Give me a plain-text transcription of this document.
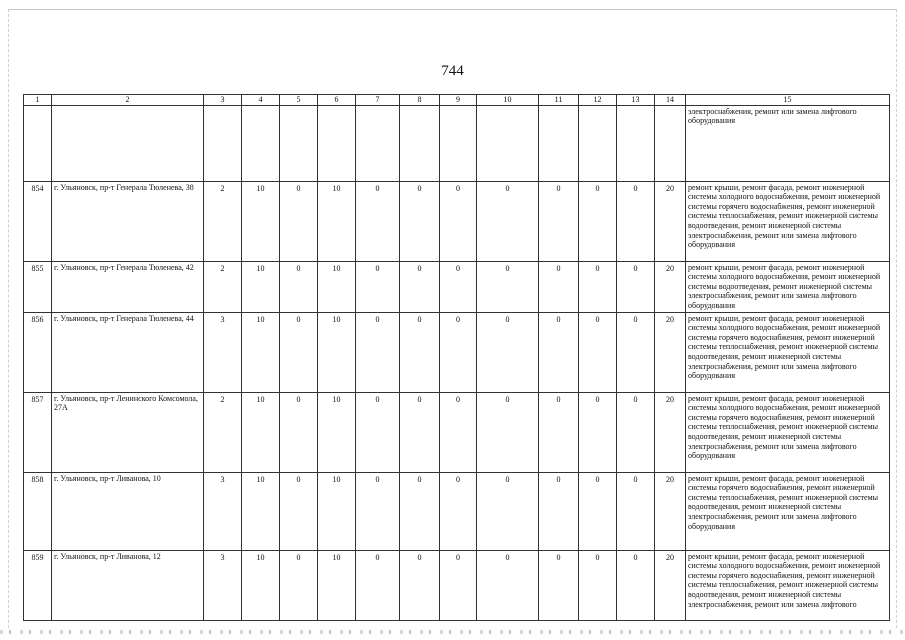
744
1	2	3	4	5	6	7	8	9	10	11	12	13	14	15
														электроснабжения, ремонт или замена лифтового оборудования
854	г. Ульяновск, пр-т Генерала Тюленева, 38	2	10	0	10	0	0	0	0	0	0	0	20	ремонт крыши, ремонт фасада, ремонт инженерной системы холодного водоснабжения, ремонт инженерной системы горячего водоснабжения, ремонт инженерной системы теплоснабжения, ремонт инженерной системы водоотведения, ремонт инженерной системы электроснабжения, ремонт или замена лифтового оборудования
855	г. Ульяновск, пр-т Генерала Тюленева, 42	2	10	0	10	0	0	0	0	0	0	0	20	ремонт крыши, ремонт фасада, ремонт инженерной системы холодного водоснабжения, ремонт инженерной системы водоотведения, ремонт инженерной системы электроснабжения, ремонт или замена лифтового оборудования
856	г. Ульяновск, пр-т Генерала Тюленева, 44	3	10	0	10	0	0	0	0	0	0	0	20	ремонт крыши, ремонт фасада, ремонт инженерной системы холодного водоснабжения, ремонт инженерной системы горячего водоснабжения, ремонт инженерной системы теплоснабжения, ремонт инженерной системы водоотведения, ремонт инженерной системы электроснабжения, ремонт или замена лифтового оборудования
857	г. Ульяновск, пр-т Ленинского Комсомола, 27А	2	10	0	10	0	0	0	0	0	0	0	20	ремонт крыши, ремонт фасада, ремонт инженерной системы холодного водоснабжения, ремонт инженерной системы горячего водоснабжения, ремонт инженерной системы теплоснабжения, ремонт инженерной системы водоотведения, ремонт инженерной системы электроснабжения, ремонт или замена лифтового оборудования
858	г. Ульяновск, пр-т Ливанова, 10	3	10	0	10	0	0	0	0	0	0	0	20	ремонт крыши, ремонт фасада, ремонт инженерной системы горячего водоснабжения, ремонт инженерной системы теплоснабжения, ремонт инженерной системы водоотведения, ремонт инженерной системы электроснабжения, ремонт или замена лифтового оборудования
859	г. Ульяновск, пр-т Ливанова, 12	3	10	0	10	0	0	0	0	0	0	0	20	ремонт крыши, ремонт фасада, ремонт инженерной системы холодного водоснабжения, ремонт инженерной системы горячего водоснабжения, ремонт инженерной системы теплоснабжения, ремонт инженерной системы водоотведения, ремонт инженерной системы электроснабжения, ремонт или замена лифтового
